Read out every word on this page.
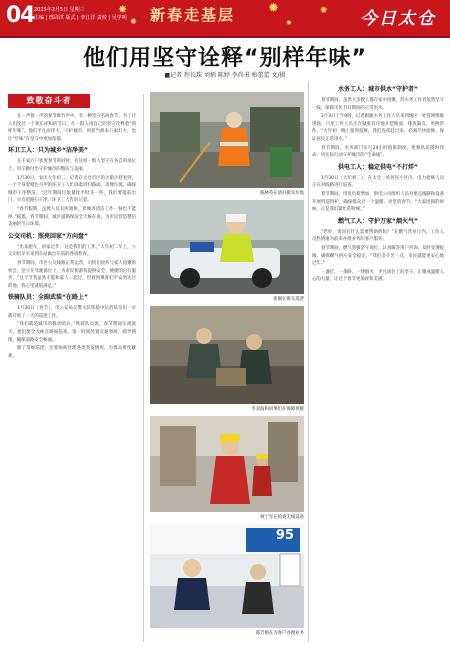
04 2025年2月5日 星期三
主编 | 邢周洪 版式 | 李江洋 责校 | 吴学明
✸
✺ 新春走基层	✹
✸
✺ 今日太仓
他们用坚守诠释“别样年味”
■记者 程长珠 刘炳 陈婷 李尚书 柏蕾蕾 文/摄
致敬奋斗者
在一声接一声的春节爆竹声中，有一种坚守名叫春节，为了让人们度过一个欢乐祥和的节日，在一群人用自己的坚守诠释着“别样年味”。他们平凡而伟大，守护城市，用担当换来万家灯火，也让“年味”在坚守中更加浓郁。
环卫工人：只为城乡“洁净美”
在千家万户欢度春节的同时，有这样一群人坚守在各自的岗位上，用辛勤付出守护城市的整洁与美丽。
1月30日，农历大年初二，记者在太仓市区的大街小巷看到，一个个身着橙色马甲的环卫工人忙碌着清扫路面、清理垃圾，确保城市干净整洁。“过年期间垃圾量比平时多一些，我们要提前出门，早点把路扫干净。”环卫工人告诉记者。
“春节假期，虽然人员有所调休，但城市清洁工作一刻也不能停。”据悉，春节期间，城区道路保洁全天候在岗，为市民营造整洁美丽的节日环境。
公交司机：照亮回家“方向盘”
“出来跑车，回家过年，这是我们的工作。”大年初二早上，公交司机早早来到车站做出车前的各项检查。
春节期间，市区公交线路正常运营，司机们放弃与家人团聚的机会，坚守在驾驶岗位上，为市民和游客提供安全、便捷的出行服务。“这个节我虽然不能和家人一起过，但看到乘客们平安到达目的地，我心里就很满足。”
铁骑队员：全副武装“在路上”
1月30日（春节），市公安局交警大队铁骑中队的队员们一早就开始了一天的巡逻工作。
“我们就是城市的移动哨兵。”铁骑队员说，春节期间车流量大，他们要全天候在路面巡查，第一时间处置交通事故，疏导拥堵，确保道路安全畅通。
除了常规巡逻，还要协助处理各类突发情况，为群众排忧解难。
陈林英在清扫街头垃圾
张刚在街头巡逻
李双波和同事们在保障供暖
柯宁军在检查无线设备
95
邵芳娟在为客户办理业务
水务工人：城市供水“守护者”
春节期间，虽然大多数人都在家中团聚，但水务工作者依然坚守一线，保障市民节日期间的正常用水。
2月3日上午9时，记者跟随水务工作人员来到城区一处管网维修现场，只见工作人员正在紧张有序地开挖路面、排查漏点、更换管件。“大年初一晚上接到报修，我们连夜赶过来，必须尽快抢修，保证居民正常用水。”
春节期间，水务部门实行24小时值班制度，抢修队伍随时待命，用实际行动守护城市的“生命线”。
供电工人：稳定供电“不打烊”
1月30日（大年初二），在太仓一处居民小区内，电力抢修人员正在对线路进行巡查。
春节期间，用电负荷增加，供电公司组织人员对重点线路和设备开展特巡特护，确保群众过一个温暖、亮堂的春节。“大家团圆的时候，正是我们最忙的时候。”
燃气工人：守护万家“烟火气”
“您好，请问有什么需要帮助的吗？”在燃气营业厅内，工作人员热情地为前来办理业务的客户服务。
春节期间，燃气客服坚守岗位，认真解答用户咨询，及时受理报修，确保燃气供应安全稳定。“我们多辛苦一点，市民就能更安心地过年。”
一盏灯、一条路、一缕烟火，平凡岗位上的坚守，汇聚成温暖人心的力量，让这个春节更加祥和美满。
